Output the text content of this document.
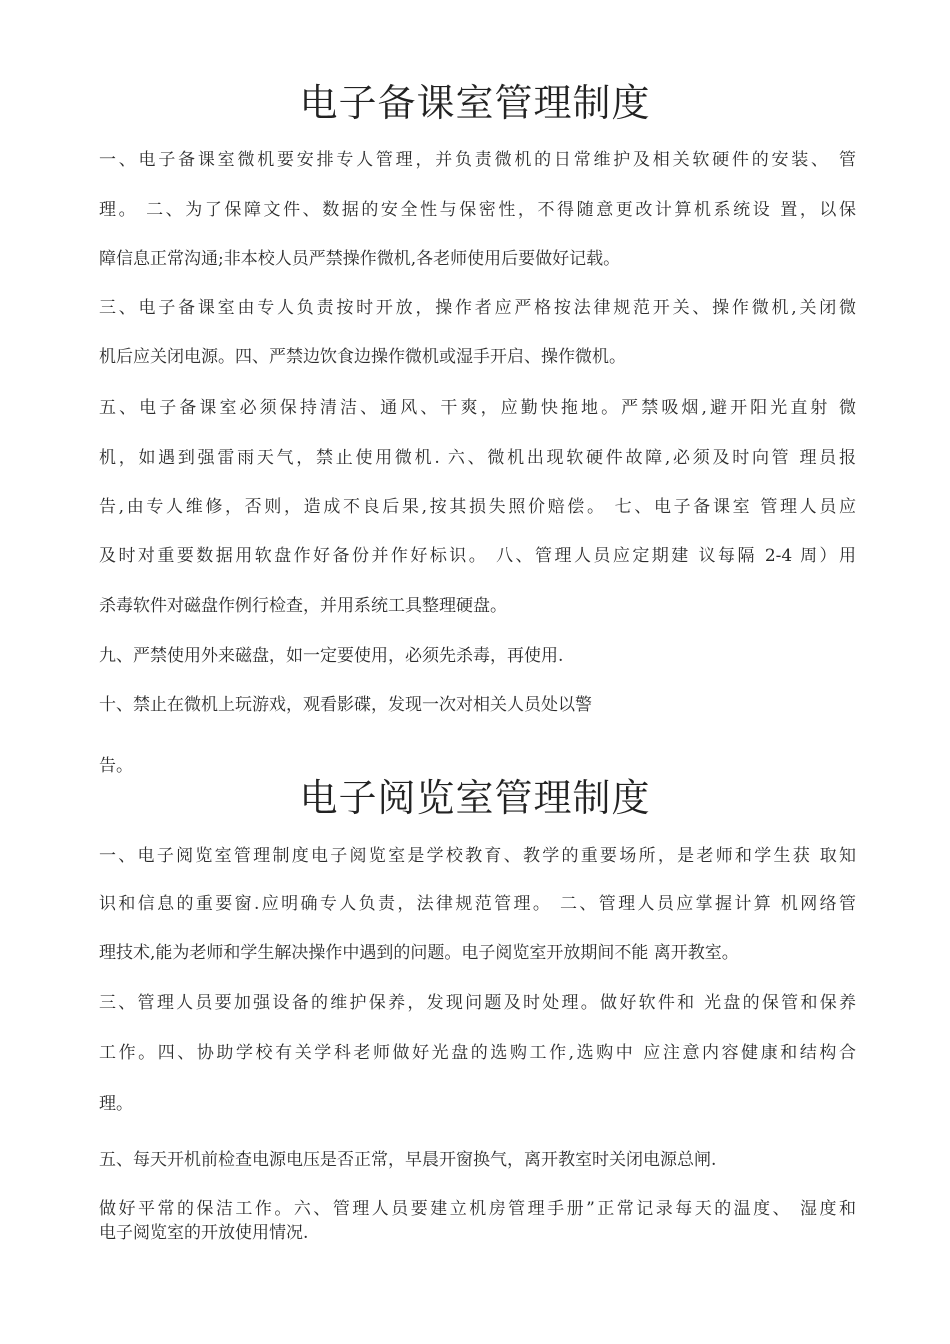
电子备课室管理制度
一、电子备课室微机要安排专人管理，并负责微机的日常维护及相关软硬件的安装、 管
理。 二、为了保障文件、数据的安全性与保密性，不得随意更改计算机系统设 置，以保
障信息正常沟通;非本校人员严禁操作微机,各老师使用后要做好记载。
三、电子备课室由专人负责按时开放，操作者应严格按法律规范开关、操作微机,关闭微
机后应关闭电源。四、严禁边饮食边操作微机或湿手开启、操作微机。
五、电子备课室必须保持清洁、通风、干爽，应勤快拖地。严禁吸烟,避开阳光直射 微
机，如遇到强雷雨天气，禁止使用微机. 六、微机出现软硬件故障,必须及时向管 理员报
告,由专人维修，否则，造成不良后果,按其损失照价赔偿。 七、电子备课室 管理人员应
及时对重要数据用软盘作好备份并作好标识。 八、管理人员应定期建 议每隔 2-4 周）用
杀毒软件对磁盘作例行检查，并用系统工具整理硬盘。
九、严禁使用外来磁盘，如一定要使用，必须先杀毒，再使用.
十、禁止在微机上玩游戏，观看影碟，发现一次对相关人员处以警
告。
电子阅览室管理制度
一、电子阅览室管理制度电子阅览室是学校教育、教学的重要场所，是老师和学生获 取知
识和信息的重要窗.应明确专人负责，法律规范管理。 二、管理人员应掌握计算 机网络管
理技术,能为老师和学生解决操作中遇到的问题。电子阅览室开放期间不能 离开教室。
三、管理人员要加强设备的维护保养，发现问题及时处理。做好软件和 光盘的保管和保养
工作。四、协助学校有关学科老师做好光盘的选购工作,选购中 应注意内容健康和结构合
理。
五、每天开机前检查电源电压是否正常，早晨开窗换气，离开教室时关闭电源总闸.
做好平常的保洁工作。六、管理人员要建立机房管理手册”正常记录每天的温度、 湿度和
电子阅览室的开放使用情况.
